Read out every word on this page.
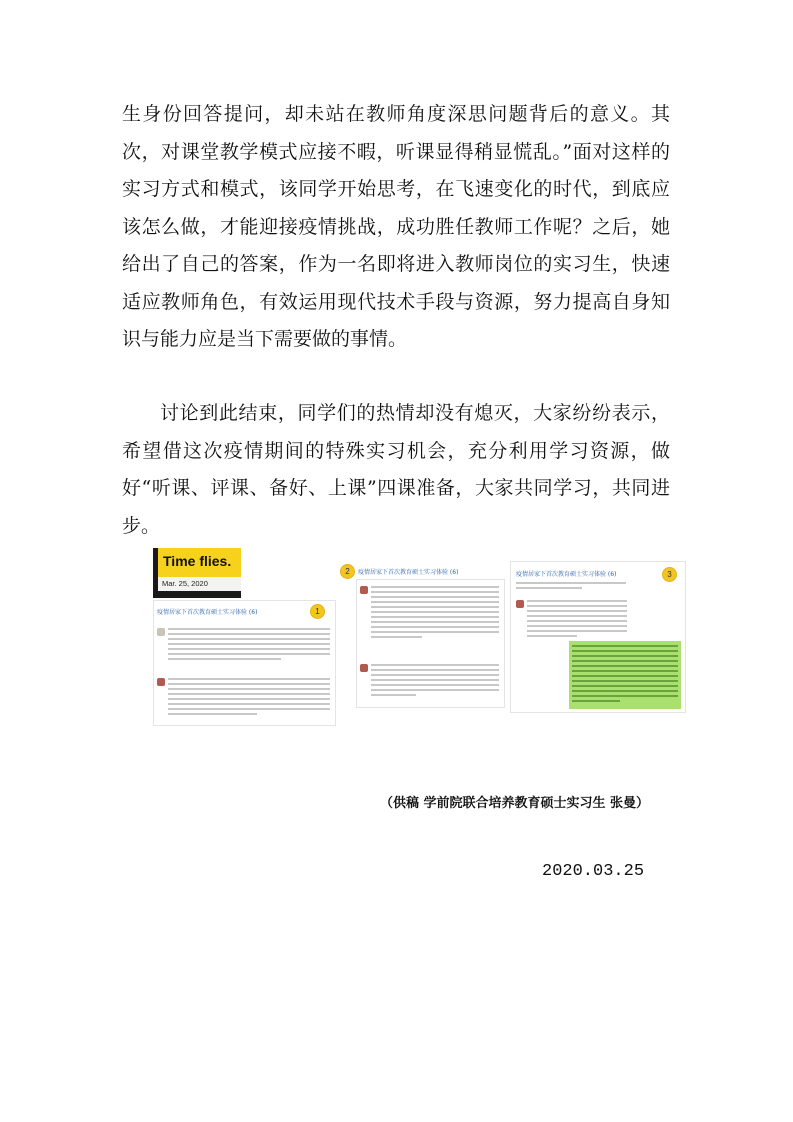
生身份回答提问，却未站在教师角度深思问题背后的意义。其次，对课堂教学模式应接不暇，听课显得稍显慌乱。”面对这样的实习方式和模式，该同学开始思考，在飞速变化的时代，到底应该怎么做，才能迎接疫情挑战，成功胜任教师工作呢？之后，她给出了自己的答案，作为一名即将进入教师岗位的实习生，快速适应教师角色，有效运用现代技术手段与资源，努力提高自身知识与能力应是当下需要做的事情。

讨论到此结束，同学们的热情却没有熄灭，大家纷纷表示，希望借这次疫情期间的特殊实习机会，充分利用学习资源，做好“听课、评课、备好、上课”四课准备，大家共同学习，共同进步。

Time flies.
Mar. 25, 2020
疫情居家下首次教育硕士实习体验 (6)	1
2	疫情居家下首次教育硕士实习体验 (6)	疫情居家下首次教育硕士实习体验 (6)	3
（供稿 学前院联合培养教育硕士实习生 张曼）
2020.03.25
